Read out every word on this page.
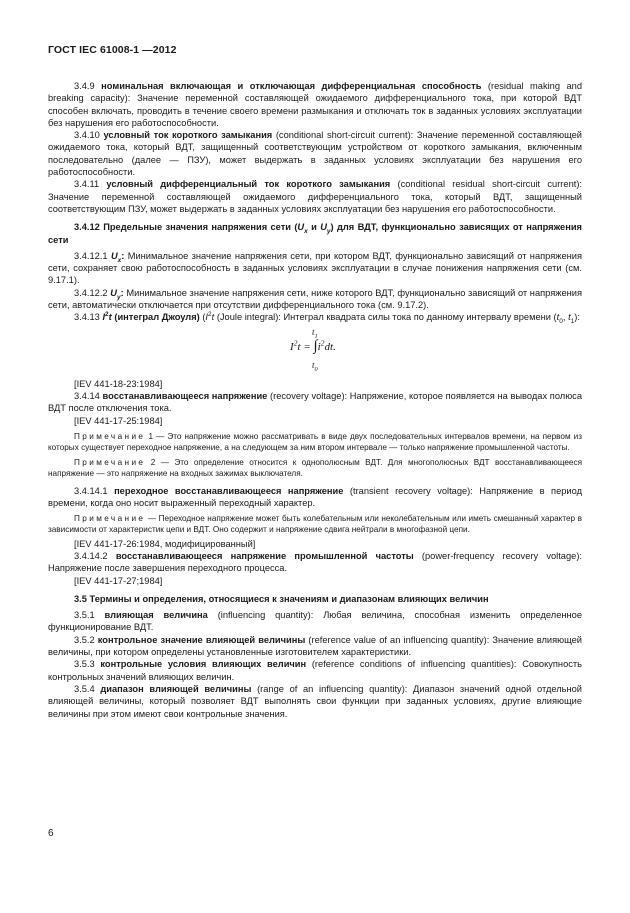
ГОСТ IEC 61008-1 —2012

3.4.9 номинальная включающая и отключающая дифференциальная способность (residual making and breaking capacity): Значение переменной составляющей ожидаемого дифференциального тока, при которой ВДТ способен включать, проводить в течение своего времени размыкания и отключать ток в заданных условиях эксплуатации без нарушения его работоспособности.

3.4.10 условный ток короткого замыкания (conditional short-circuit current): Значение переменной составляющей ожидаемого тока, который ВДТ, защищенный соответствующим устройством от короткого замыкания, включенным последовательно (далее — ПЗУ), может выдержать в заданных условиях эксплуатации без нарушения его работоспособности.

3.4.11 условный дифференциальный ток короткого замыкания (conditional residual short-circuit current): Значение переменной составляющей ожидаемого дифференциального тока, который ВДТ, защищенный соответствующим ПЗУ, может выдержать в заданных условиях эксплуатации без нарушения его работоспособности.

3.4.12 Предельные значения напряжения сети ($U_x$ и $U_y$) для ВДТ, функционально зависящих от напряжения сети

3.4.12.1 $U_x$: Минимальное значение напряжения сети, при котором ВДТ, функционально зависящий от напряжения сети, сохраняет свою работоспособность в заданных условиях эксплуатации в случае понижения напряжения сети (см. 9.17.1).

3.4.12.2 $U_y$: Минимальное значение напряжения сети, ниже которого ВДТ, функционально зависящий от напряжения сети, автоматически отключается при отсутствии дифференциального тока (см. 9.17.2).

3.4.13 $I^2t$ (интеграл Джоуля) ($I^2t$ (Joule integral): Интеграл квадрата силы тока по данному интервалу времени ($t_0$, $t_1$):

$t_1$
$I^2t = \int i^2dt$.
$t_0$

[IEV 441-18-23:1984]

3.4.14 восстанавливающееся напряжение (recovery voltage): Напряжение, которое появляется на выводах полюса ВДТ после отключения тока.

[IEV 441-17-25:1984]

Примечание 1 — Это напряжение можно рассматривать в виде двух последовательных интервалов времени, на первом из которых существует переходное напряжение, а на следующем за ним втором интервале — только напряжение промышленной частоты.

Примечание 2 — Это определение относится к однополюсным ВДТ. Для многополюсных ВДТ восстанавливающееся напряжение — это напряжение на входных зажимах выключателя.

3.4.14.1 переходное восстанавливающееся напряжение (transient recovery voltage): Напряжение в период времени, когда оно носит выраженный переходный характер.

Примечание — Переходное напряжение может быть колебательным или неколебательным или иметь смешанный характер в зависимости от характеристик цепи и ВДТ. Оно содержит и напряжение сдвига нейтрали в многофазной цепи.

[IEV 441-17-26:1984, модифицированный]

3.4.14.2 восстанавливающееся напряжение промышленной частоты (power-frequency recovery voltage): Напряжение после завершения переходного процесса.

[IEV 441-17-27;1984]

3.5 Термины и определения, относящиеся к значениям и диапазонам влияющих величин

3.5.1 влияющая величина (influencing quantity): Любая величина, способная изменить определенное функционирование ВДТ.

3.5.2 контрольное значение влияющей величины (reference value of an influencing quantity): Значение влияющей величины, при котором определены установленные изготовителем характеристики.

3.5.3 контрольные условия влияющих величин (reference conditions of influencing quantities): Совокупность контрольных значений влияющих величин.

3.5.4 диапазон влияющей величины (range of an influencing quantity): Диапазон значений одной отдельной влияющей величины, который позволяет ВДТ выполнять свои функции при заданных условиях, другие влияющие величины при этом имеют свои контрольные значения.

6
